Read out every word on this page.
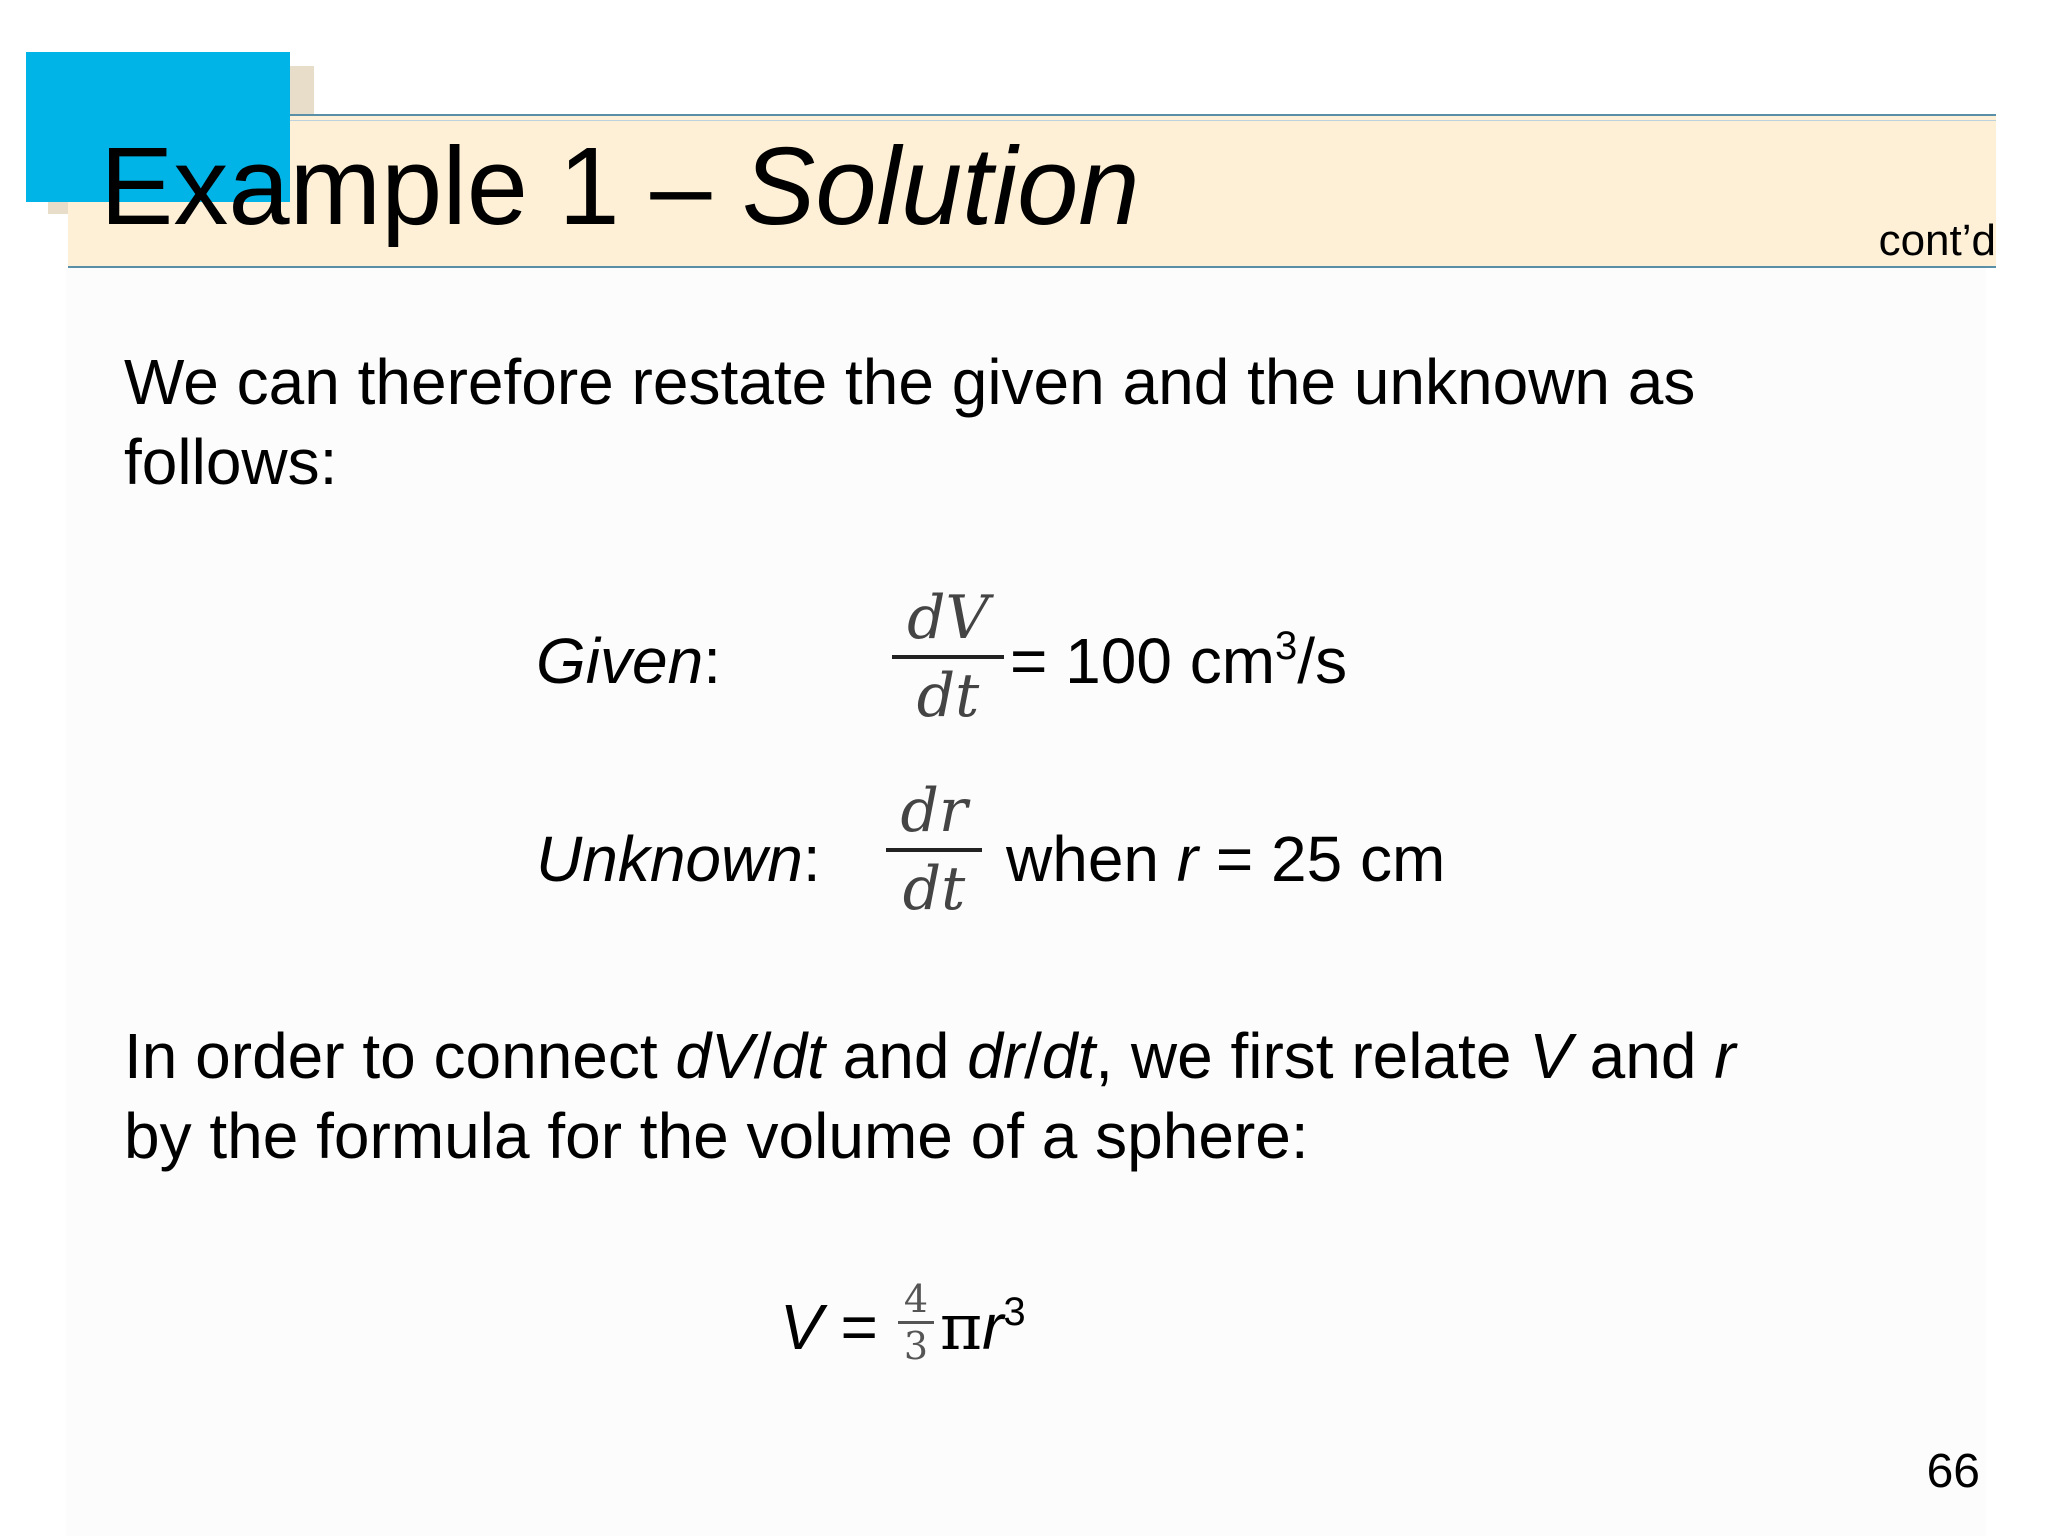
Example 1 – Solution	cont’d
We can therefore restate the given and the unknown as
follows:
Given:
dV
dt = 100 $cm^3/s$
Unknown:
dr
dt when r = 25 cm
In order to connect dV/dt and dr/dt, we first relate V and r
by the formula for the volume of a sphere:
V = 4
3 $\pi r^3$
66
